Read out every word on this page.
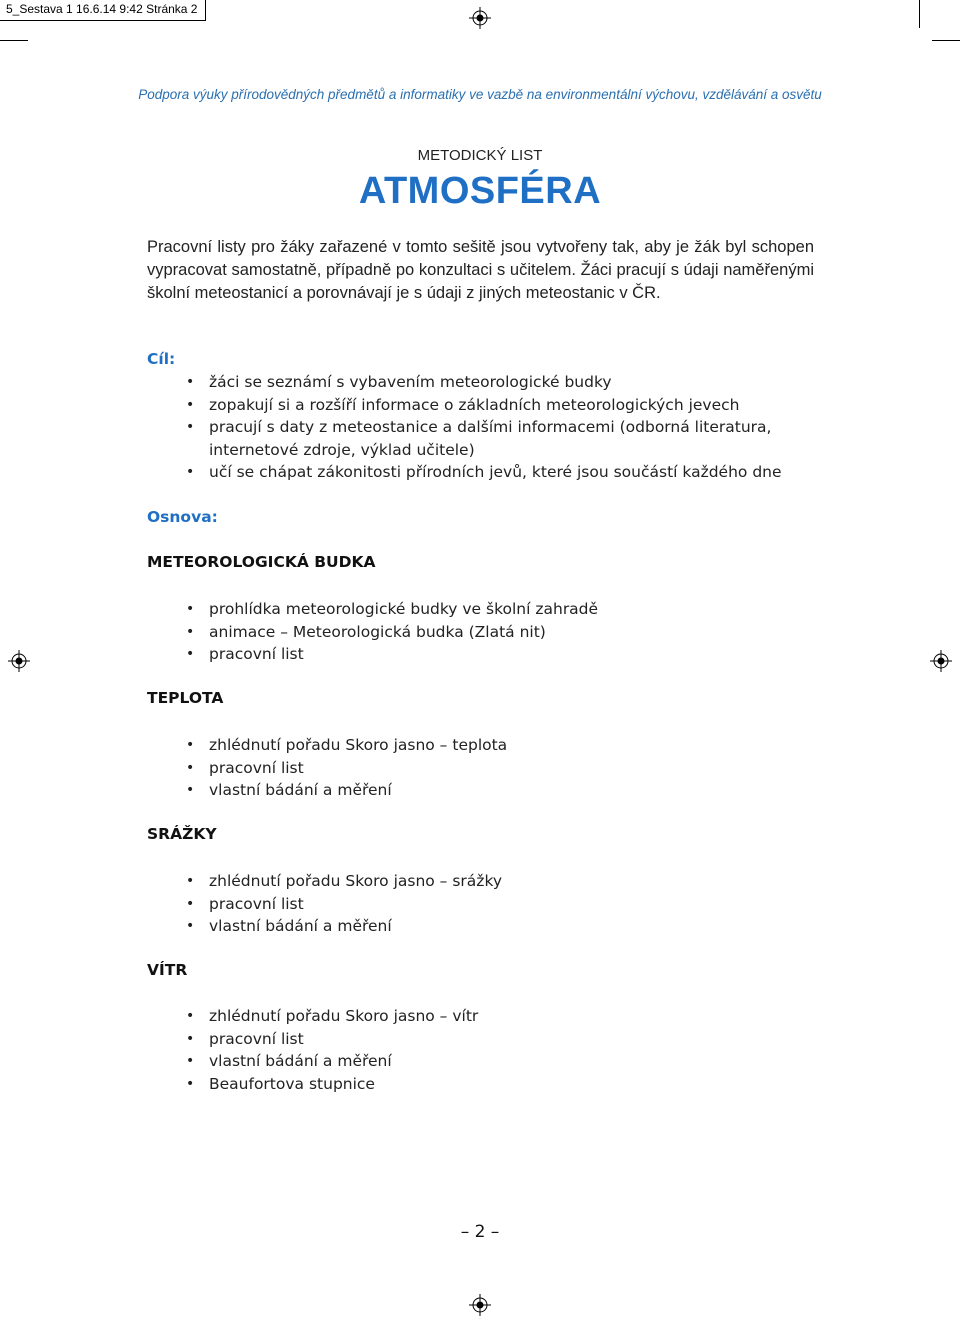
5_Sestava 1 16.6.14 9:42 Stránka 2
Podpora výuky přírodovědných předmětů a informatiky ve vazbě na environmentální výchovu, vzdělávání a osvětu
METODICKÝ LIST
ATMOSFÉRA
Pracovní listy pro žáky zařazené v tomto sešitě jsou vytvořeny tak, aby je žák byl schopen vypracovat samostatně, případně po konzultaci s učitelem. Žáci pracují s údaji naměřenými školní meteostanicí a porovnávají je s údaji z jiných meteostanic v ČR.
Cíl:
• žáci se seznámí s vybavením meteorologické budky
• zopakují si a rozšíří informace o základních meteorologických jevech
• pracují s daty z meteostanice a dalšími informacemi (odborná literatura, internetové zdroje, výklad učitele)
• učí se chápat zákonitosti přírodních jevů, které jsou součástí každého dne
Osnova:
METEOROLOGICKÁ BUDKA
• prohlídka meteorologické budky ve školní zahradě
• animace – Meteorologická budka (Zlatá nit)
• pracovní list
TEPLOTA
• zhlédnutí pořadu Skoro jasno – teplota
• pracovní list
• vlastní bádání a měření
SRÁŽKY
• zhlédnutí pořadu Skoro jasno – srážky
• pracovní list
• vlastní bádání a měření
VÍTR
• zhlédnutí pořadu Skoro jasno – vítr
• pracovní list
• vlastní bádání a měření
• Beaufortova stupnice
– 2 –
